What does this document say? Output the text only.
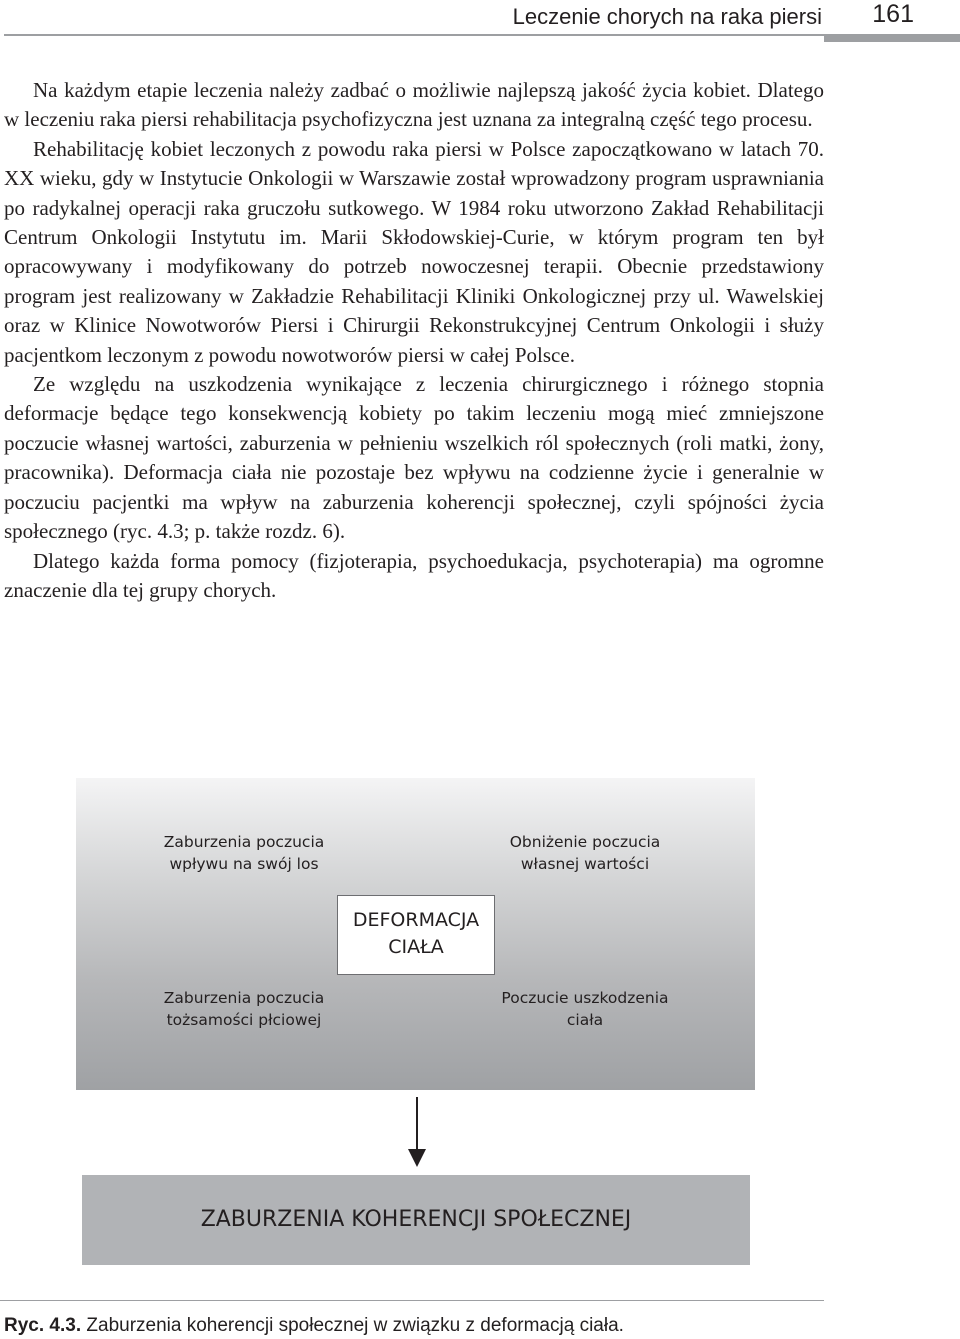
Leczenie chorych na raka piersi 161

Na każdym etapie leczenia należy zadbać o możliwie najlepszą jakość życia kobiet. Dlatego w leczeniu raka piersi rehabilitacja psychofizyczna jest uznana za integralną część tego procesu.

Rehabilitację kobiet leczonych z powodu raka piersi w Polsce zapoczątkowano w latach 70. XX wieku, gdy w Instytucie Onkologii w Warszawie został wprowadzony program usprawniania po radykalnej operacji raka gruczołu sutkowego. W 1984 roku utworzono Zakład Rehabilitacji Centrum Onkologii Instytutu im. Marii Skłodowskiej-Curie, w którym program ten był opracowywany i modyfikowany do potrzeb nowoczesnej terapii. Obecnie przedstawiony program jest realizowany w Zakładzie Rehabilitacji Kliniki Onkologicznej przy ul. Wawelskiej oraz w Klinice Nowotworów Piersi i Chirurgii Rekonstrukcyjnej Centrum Onkologii i służy pacjentkom leczonym z powodu nowotworów piersi w całej Polsce.

Ze względu na uszkodzenia wynikające z leczenia chirurgicznego i różnego stopnia deformacje będące tego konsekwencją kobiety po takim leczeniu mogą mieć zmniejszone poczucie własnej wartości, zaburzenia w pełnieniu wszelkich ról społecznych (roli matki, żony, pracownika). Deformacja ciała nie pozostaje bez wpływu na codzienne życie i generalnie w poczuciu pacjentki ma wpływ na zaburzenia koherencji społecznej, czyli spójności życia społecznego (ryc. 4.3; p. także rozdz. 6).

Dlatego każda forma pomocy (fizjoterapia, psychoedukacja, psychoterapia) ma ogromne znaczenie dla tej grupy chorych.

Zaburzenia poczucia
wpływu na swój los
Obniżenie poczucia
własnej wartości
DEFORMACJA
CIAŁA
Zaburzenia poczucia
tożsamości płciowej
Poczucie uszkodzenia
ciała
ZABURZENIA KOHERENCJI SPOŁECZNEJ
Ryc. 4.3. Zaburzenia koherencji społecznej w związku z deformacją ciała.
